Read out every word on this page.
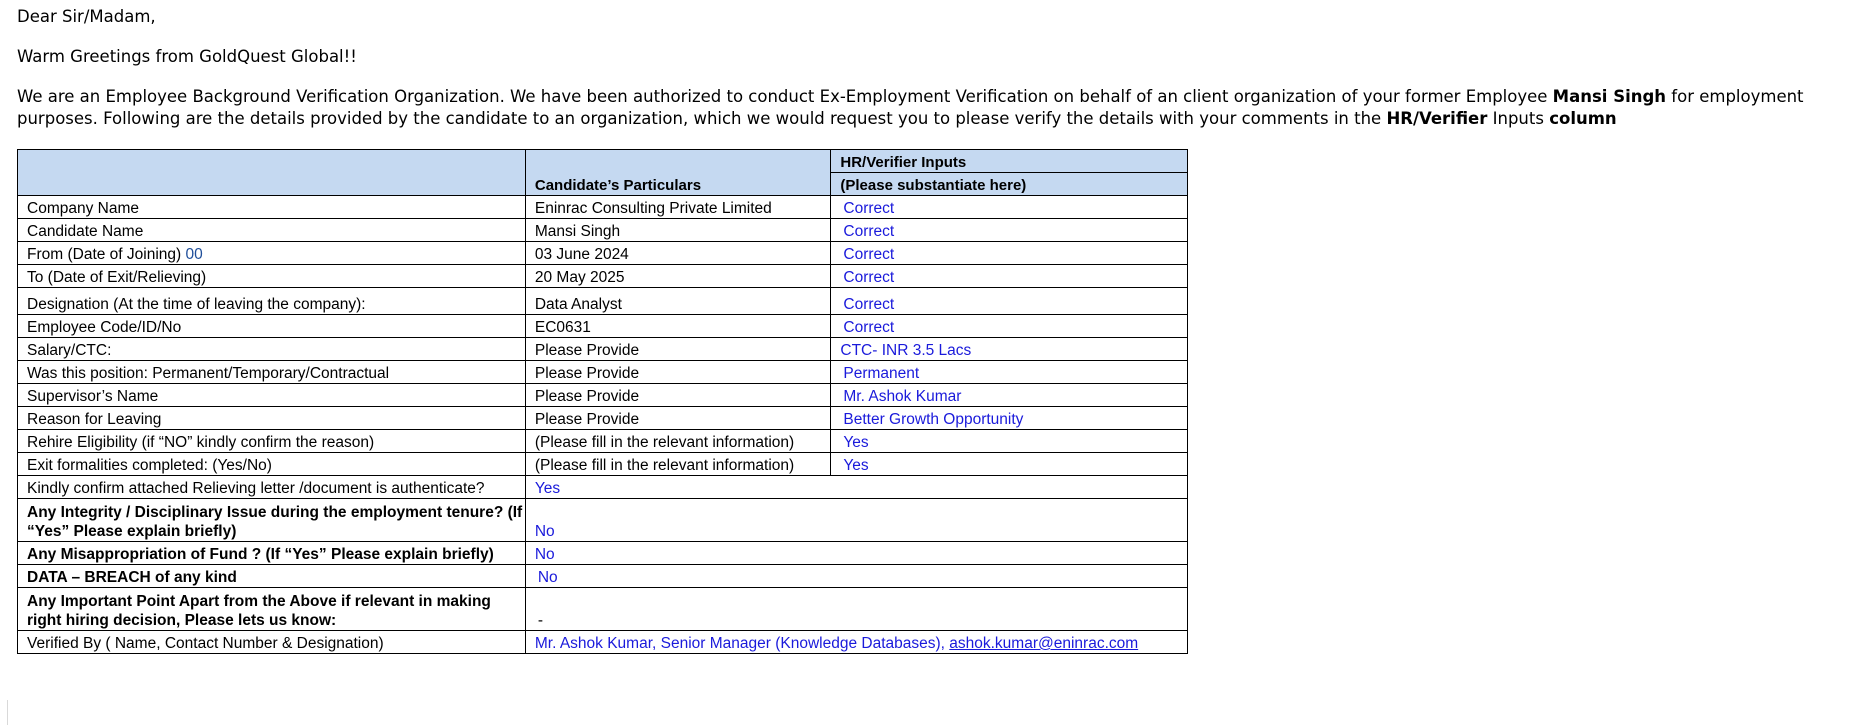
Dear Sir/Madam,

Warm Greetings from GoldQuest Global!!

We are an Employee Background Verification Organization. We have been authorized to conduct Ex-Employment Verification on behalf of an client organization of your former Employee Mansi Singh for employment purposes. Following are the details provided by the candidate to an organization, which we would request you to please verify the details with your comments in the HR/Verifier Inputs column

	Candidate’s Particulars	HR/Verifier Inputs
		(Please substantiate here)
Company Name	Eninrac Consulting Private Limited	Correct
Candidate Name	Mansi Singh	Correct
From (Date of Joining) 00	03 June 2024	Correct
To (Date of Exit/Relieving)	20 May 2025	Correct
Designation (At the time of leaving the company):	Data Analyst	Correct
Employee Code/ID/No	EC0631	Correct
Salary/CTC:	Please Provide	CTC- INR 3.5 Lacs
Was this position: Permanent/Temporary/Contractual	Please Provide	Permanent
Supervisor’s Name	Please Provide	Mr. Ashok Kumar
Reason for Leaving	Please Provide	Better Growth Opportunity
Rehire Eligibility (if “NO” kindly confirm the reason)	(Please fill in the relevant information)	Yes
Exit formalities completed: (Yes/No)	(Please fill in the relevant information)	Yes
Kindly confirm attached Relieving letter /document is authenticate?	Yes	
Any Integrity / Disciplinary Issue during the employment tenure? (If “Yes” Please explain briefly)	No	
Any Misappropriation of Fund ? (If “Yes” Please explain briefly)	No	
DATA – BREACH of any kind	No	
Any Important Point Apart from the Above if relevant in making right hiring decision, Please lets us know:	-	
Verified By ( Name, Contact Number & Designation)	Mr. Ashok Kumar, Senior Manager (Knowledge Databases), ashok.kumar@eninrac.com	
